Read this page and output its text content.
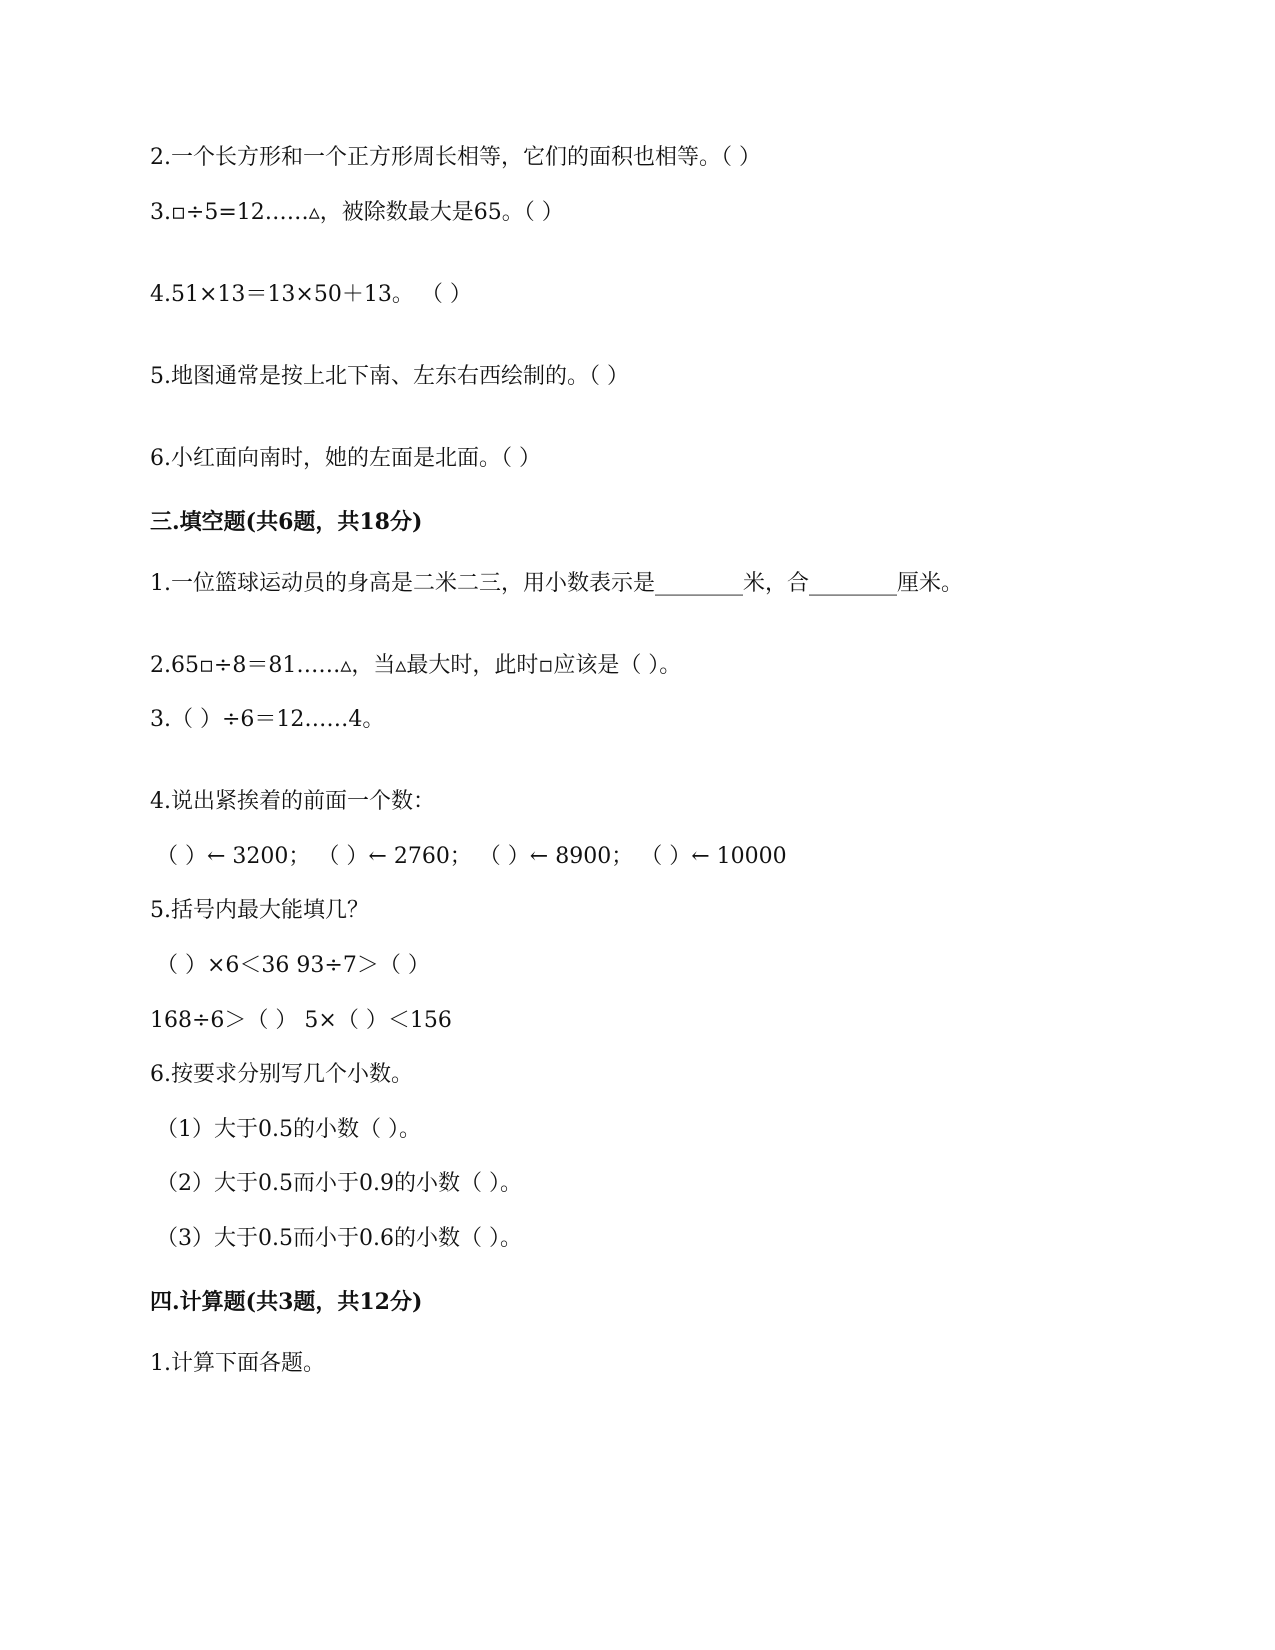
2.一个长方形和一个正方形周长相等，它们的面积也相等。（ ）
3.▫÷5=12……▵，被除数最大是65。（ ）
4.51×13＝13×50＋13。 （ ）
5.地图通常是按上北下南、左东右西绘制的。（ ）
6.小红面向南时，她的左面是北面。（ ）
三.填空题(共6题，共18分)
1.一位篮球运动员的身高是二米二三，用小数表示是________米，合________厘米。
2.65▫÷8＝81……▵，当▵最大时，此时▫应该是（ ）。
3.（ ）÷6＝12……4。
4.说出紧挨着的前面一个数：
（ ）← 3200； （ ）← 2760； （ ）← 8900； （ ）← 10000
5.括号内最大能填几？
（ ）×6＜36 93÷7＞（ ）
168÷6＞（ ） 5×（ ）＜156
6.按要求分别写几个小数。
（1）大于0.5的小数（ ）。
（2）大于0.5而小于0.9的小数（ ）。
（3）大于0.5而小于0.6的小数（ ）。
四.计算题(共3题，共12分)
1.计算下面各题。
